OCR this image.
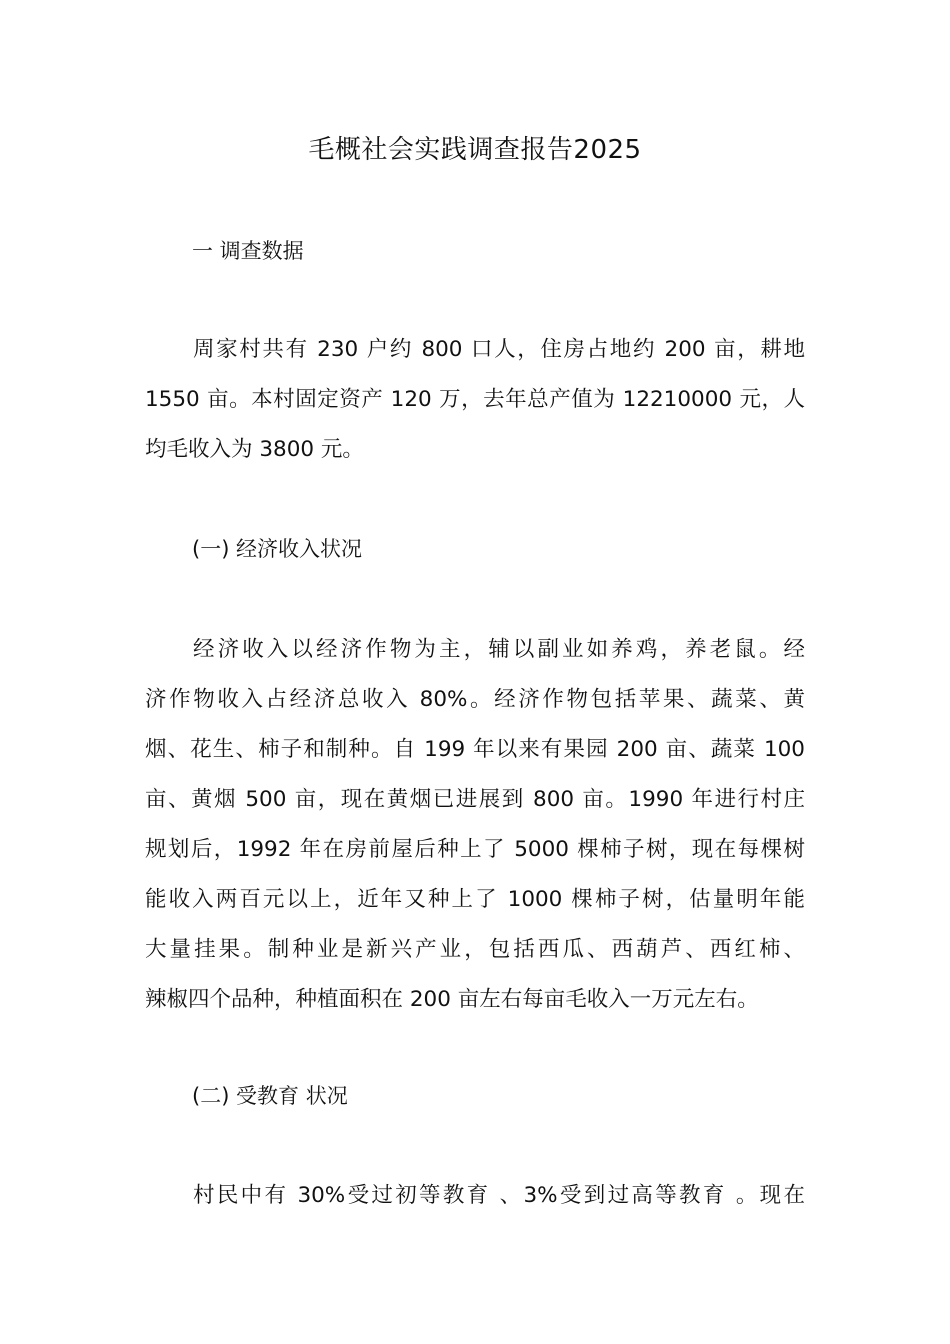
毛概社会实践调查报告2025
一 调查数据
周家村共有 230 户约 800 口人，住房占地约 200 亩，耕地
1550 亩。本村固定资产 120 万，去年总产值为 12210000 元，人
均毛收入为 3800 元。
(一) 经济收入状况
经济收入以经济作物为主，辅以副业如养鸡，养老鼠。经
济作物收入占经济总收入 80%。经济作物包括苹果、蔬菜、黄
烟、花生、柿子和制种。自 199 年以来有果园 200 亩、蔬菜 100
亩、黄烟 500 亩，现在黄烟已进展到 800 亩。1990 年进行村庄
规划后，1992 年在房前屋后种上了 5000 棵柿子树，现在每棵树
能收入两百元以上，近年又种上了 1000 棵柿子树，估量明年能
大量挂果。制种业是新兴产业，包括西瓜、西葫芦、西红柿、
辣椒四个品种，种植面积在 200 亩左右每亩毛收入一万元左右。
(二) 受教育 状况
村民中有 30%受过初等教育 、3%受到过高等教育 。现在
